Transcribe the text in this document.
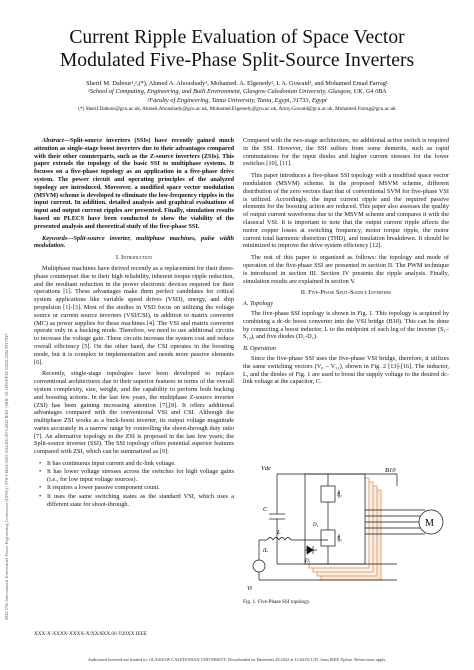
2022 57th International Universities Power Engineering Conference (UPEC) | 978-1-6654-5505-3/22/$31.00 ©2022 IEEE | DOI: 10.1109/UPEC55022.2022.9917947
Current Ripple Evaluation of Space Vector
Modulated Five-Phase Split-Source Inverters
Sherif M. Dabour¹,²,(*), Ahmed A. Aboushady¹, Mohamed. A. Elgenedy², I. A. Gowaid¹, and Mohamed Emad Farrag¹
¹School of Computing, Engineering, and Built Environment, Glasgow Caledonian University, Glasgow, UK, G4 0BA
²Faculty of Engineering, Tanta University, Tanta, Egypt, 31733, Egypt
(*) Sherif.Dabour@gcu.ac.uk, Ahmed.Aboushady@gcu.ac.uk, Mohamed.Elgenedy@gcu.ac.uk, Army.Gowaid@gcu.ac.uk, Mohamed.Farrag@gcu.ac.uk

Abstract—Split-source inverters (SSIs) have recently gained much attention as single-stage boost inverters due to their advantages compared with their other counterparts, such as the Z-source inverters (ZSIs). This paper extends the topology of the basic SSI to multiphase systems. It focuses on a five-phase topology as an application in a five-phase drive system. The power circuit and operating principles of the analyzed topology are introduced. Moreover, a modified space vector modulation (MSVM) scheme is developed to eliminate the low-frequency ripples in the input current. In addition, detailed analysis and graphical evaluations of input and output current ripples are presented. Finally, simulation results based on PLECS have been conducted to show the viability of the presented analysis and theoretical study of the five-phase SSI.

Keywords—Split-source inverter, multiphase machines, pulse width modulation.

I. Introduction

Multiphase machines have thrived recently as a replacement for their three-phase counterpart due to their high reliability, inherent torque ripple reduction, and the resultant reduction in the power electronic devices required for their operations [1]. These advantages make them perfect candidates for critical system applications like variable speed drives (VSD), energy, and ship propulsion [1]-[3]. Most of the studies in VSD focus on utilizing the voltage source or current source inverters (VSI/CSI), in addition to matrix converter (MC) as power supplies for these machines [4]. The VSI and matrix converter operate only in a bucking mode. Therefore, we need to use additional circuits to increase the voltage gain. These circuits increase the system cost and reduce overall efficiency [5]. On the other hand, the CSI operates in the boosting mode, but it is complex in implementation and needs more passive elements [6].

Recently, single-stage topologies have been developed to replace conventional architectures due to their superior features in terms of the overall system complexity, size, weight, and the capability to perform both bucking and boosting actions. In the last few years, the multiphase Z-source inverter (ZSI) has been gaining increasing attention [7],[8]. It offers additional advantages compared with the conventional VSI and CSI. Although the multiphase ZSI works as a buck-boost inverter, its output voltage magnitude varies accurately in a narrow range by controlling the shoot-through duty ratio [7]. An alternative topology to the ZSI is proposed in the last few years; the Split-source inverter (SSI). The SSI topology offers potential superior features compared with ZSI, which can be summarized as [9]:

• It has continuous input current and dc-link voltage.
• It has lower voltage stresses across the switches for high voltage gains (i.e., for low input voltage sources).
• It requires a lower passive component count.
• It uses the same switching states as the standard VSI, which uses a different state for shoot-through.

Compared with the two-stage architecture, no additional active switch is required in the SSI. However, the SSI suffers from some demerits, such as rapid commutations for the input diodes and higher current stresses for the lower switches [10], [11].

This paper introduces a five-phase SSI topology with a modified space vector modulation (MSVM) scheme. In the proposed MSVM scheme, different distribution of the zero vectors than that of conventional SVM for five-phase VSI is utilized. Accordingly, the input current ripple and the required passive elements for the boosting action are reduced. This paper also assesses the quality of output current waveforms due to the MSVM scheme and compares it with the classical VSI. It is important to note that the output current ripple affects the motor copper losses at switching frequency, motor torque ripple, the motor current total harmonic distortion (THD), and insulation breakdown. It should be minimized to improve the drive system efficiency [12].

The rest of this paper is organized as follows: the topology and mode of operation of the five-phase SSI are presented in section II. The PWM technique is introduced in section III. Section IV presents the ripple analysis. Finally, simulation results are explained in section V.

II. Five-Phase Split-Source Inverters
A. Topology

The five-phase SSI topology is shown in Fig. 1. This topology is acquired by combining a dc-dc boost converter into the VSI bridge (B10). This can be done by connecting a boost inductor, L to the midpoint of each leg of the inverter (S₁–S₁₀), and five diodes (D₁-D₅).

B. Operation

Since the five-phase SSI uses the five-phase VSI bridge, therefore, it utilizes the same switching vectors (V₀ – V₃₁), shown in Fig. 2 [13]-[16]. The inductor, L, and the diodes of Fig. 1 are used to boost the supply voltage to the desired dc-link voltage at the capacitor, C.

Vdc	B10
L
iL
Vi
C
S₁
S₂
D₁
D₂	M
Fig. 1. Five-Phase SSI topology.
XXX-X-XXXX-XXXX-X/XX/$XX.00 ©20XX IEEE
Authorized licensed use limited to: GLASGOW CALEDONIAN UNIVERSITY. Downloaded on December 28,2022 at 13:02:05 UTC from IEEE Xplore. Restrictions apply.
